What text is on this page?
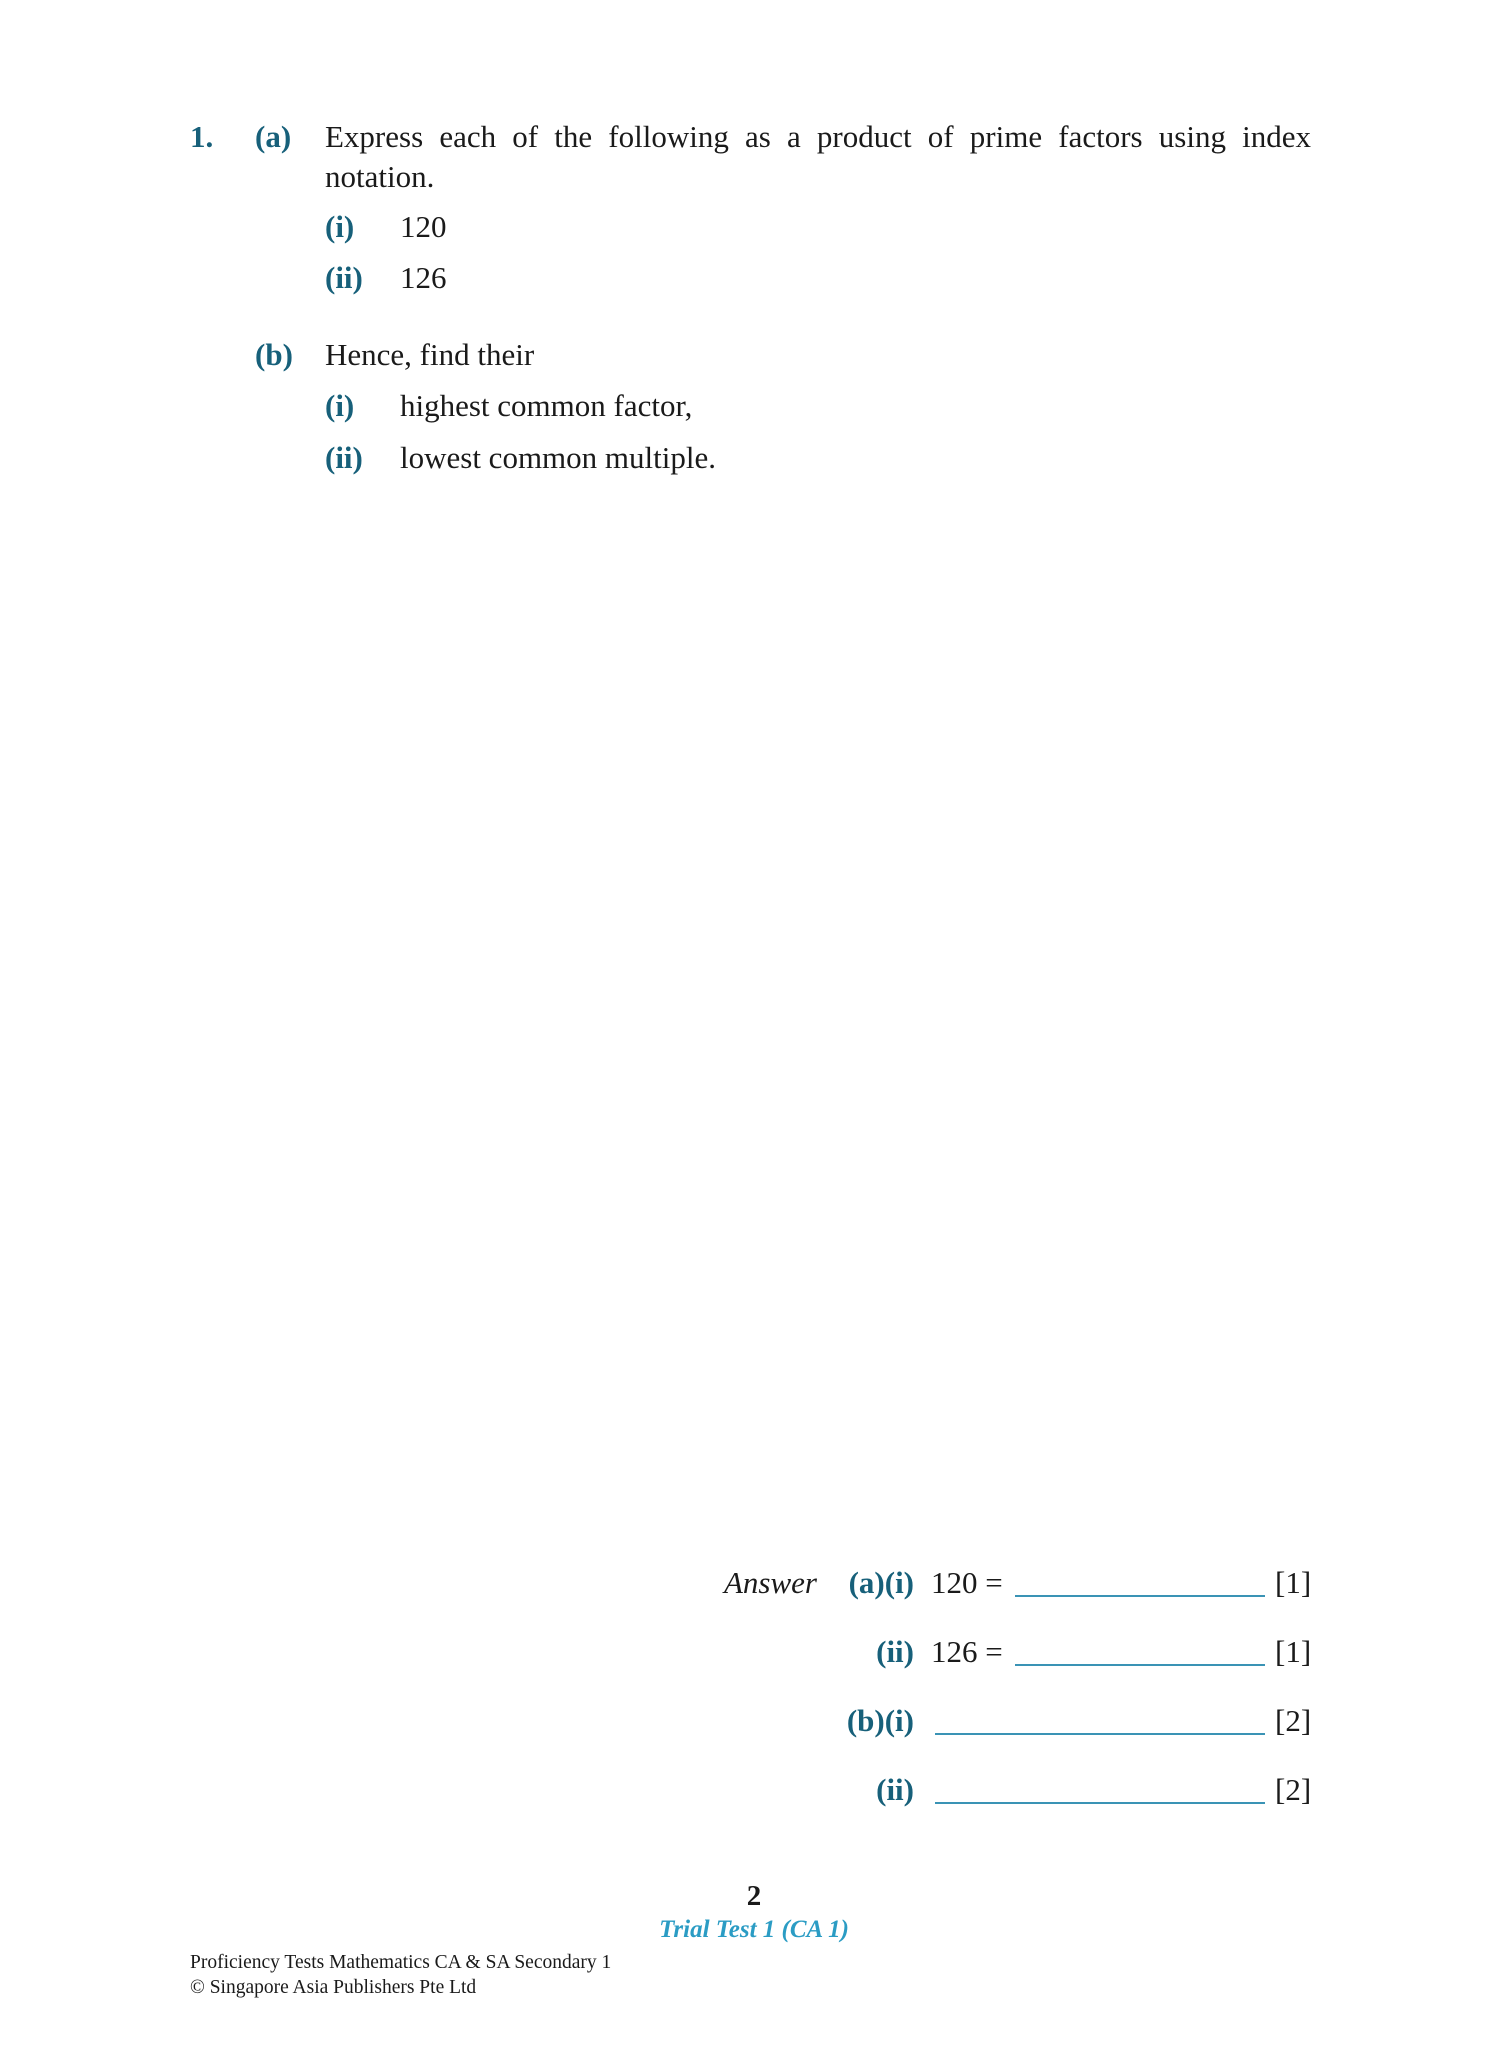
1. (a) Express each of the following as a product of prime factors using index
notation.
(i) 120
(ii) 126
(b) Hence, find their
(i) highest common factor,
(ii) lowest common multiple.
Answer (a)(i) 120 =	[1]
(ii) 126 =	[1]
(b)(i)	[2]
(ii)	[2]
2
Trial Test 1 (CA 1)
Proficiency Tests Mathematics CA & SA Secondary 1
© Singapore Asia Publishers Pte Ltd
